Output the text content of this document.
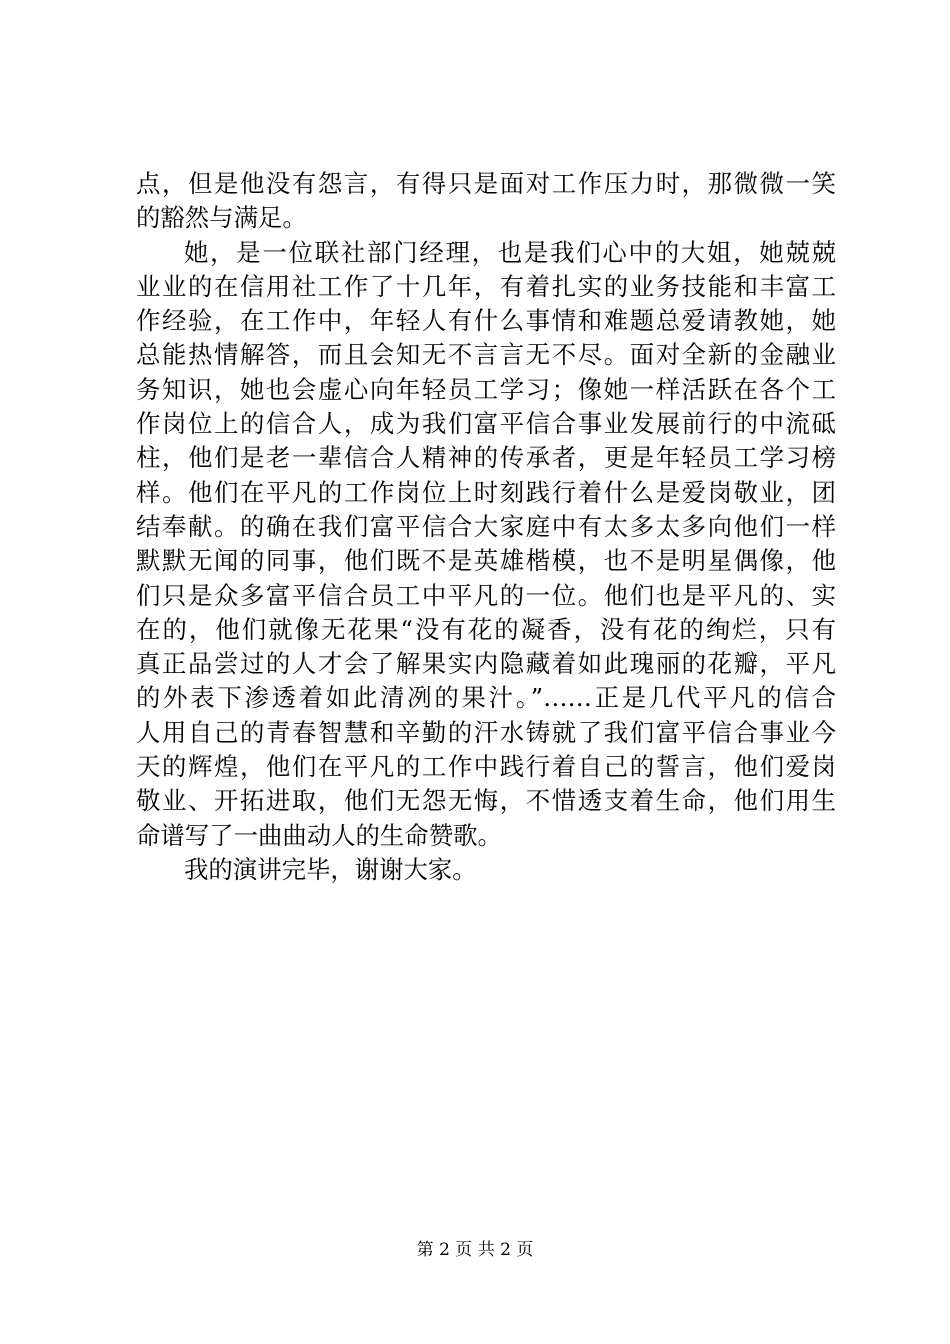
点，但是他没有怨言，有得只是面对工作压力时，那微微一笑
的豁然与满足。
她，是一位联社部门经理，也是我们心中的大姐，她兢兢
业业的在信用社工作了十几年，有着扎实的业务技能和丰富工
作经验，在工作中，年轻人有什么事情和难题总爱请教她，她
总能热情解答，而且会知无不言言无不尽。面对全新的金融业
务知识，她也会虚心向年轻员工学习；像她一样活跃在各个工
作岗位上的信合人，成为我们富平信合事业发展前行的中流砥
柱，他们是老一辈信合人精神的传承者，更是年轻员工学习榜
样。他们在平凡的工作岗位上时刻践行着什么是爱岗敬业，团
结奉献。的确在我们富平信合大家庭中有太多太多向他们一样
默默无闻的同事，他们既不是英雄楷模，也不是明星偶像，他
们只是众多富平信合员工中平凡的一位。他们也是平凡的、实
在的，他们就像无花果“没有花的凝香，没有花的绚烂，只有
真正品尝过的人才会了解果实内隐藏着如此瑰丽的花瓣，平凡
的外表下渗透着如此清冽的果汁。”……正是几代平凡的信合
人用自己的青春智慧和辛勤的汗水铸就了我们富平信合事业今
天的辉煌，他们在平凡的工作中践行着自己的誓言，他们爱岗
敬业、开拓进取，他们无怨无悔，不惜透支着生命，他们用生
命谱写了一曲曲动人的生命赞歌。
我的演讲完毕，谢谢大家。
第 2 页 共 2 页
